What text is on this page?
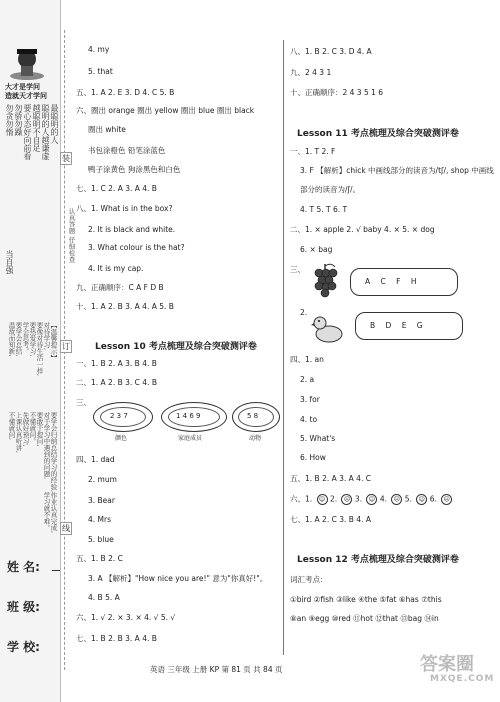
大才是学问
造就天才学问
最聪明的人
聪明的人越谦虚
越聪明不自足
要心态好向前看
勿骄勿躁
勿贪勿惰
当自强
【温馨提示】
对待学习,
要像对待生活一样,
要热爱学习,
学会思考。
要学会总结,
温故而知新,
要学会归纳总结学习的经验,
对于学习中遇到的问题,
要敢于提问,
不懂就问。
先做好预习,
上课认真听讲,
不懂就问,
作业认真完成,
学习就不难。
姓 名:
班 级:
学 校:
装
订
线
认真答题 仔细检查
4. my
5. that
五、1. A 2. E 3. D 4. C 5. B
六、圈出 orange 圈出 yellow 圈出 blue 圈出 black
圈出 white
书包涂橙色 铅笔涂蓝色
鸭子涂黄色 狗涂黑色和白色
七、1. C 2. A 3. A 4. B
八、1. What is in the box?
2. It is black and white.
3. What colour is the hat?
4. It is my cap.
九、正确顺序：C A F D B
十、1. A 2. B 3. A 4. A 5. B
Lesson 10 考点梳理及综合突破测评卷
一、1. B 2. A 3. B 4. B
二、1. A 2. B 3. C 4. B
三、
2 3 7
颜色
1 4 6 9
家庭成员
5 8
动物
四、1. dad
2. mum
3. Bear
4. Mrs
5. blue
五、1. B 2. C
3. A 【解析】"How nice you are!" 意为"你真好!"。
4. B 5. A
六、1. √ 2. × 3. × 4. √ 5. √
七、1. B 2. B 3. A 4. B
八、1. B 2. C 3. D 4. A
九、2 4 3 1
十、正确顺序：2 4 3 5 1 6
Lesson 11 考点梳理及综合突破测评卷
一、1. T 2. F
3. F 【解析】chick 中画线部分的读音为/tʃ/, shop 中画线
部分的读音为/ʃ/。
4. T 5. T 6. T
二、1. × apple 2. √ baby 4. × 5. × dog
6. × bag
三、
A C F H
2.
B D E G
四、1. an
2. a
3. for
4. to
5. What's
6. How
五、1. B 2. A 3. A 4. C
六、1. ☺ 2. ☹ 3. ☺ 4. ☹ 5. ☺ 6. ☹
七、1. A 2. C 3. B 4. A
Lesson 12 考点梳理及综合突破测评卷
词汇考点：
①bird ②fish ③like ④the ⑤fat ⑥has ⑦this
⑧an ⑨egg ⑩red ⑪hot ⑫that ⑬bag ⑭in
英语 三年级 上册 KP 第 81 页 共 84 页	答案圈
MXQE.COM
